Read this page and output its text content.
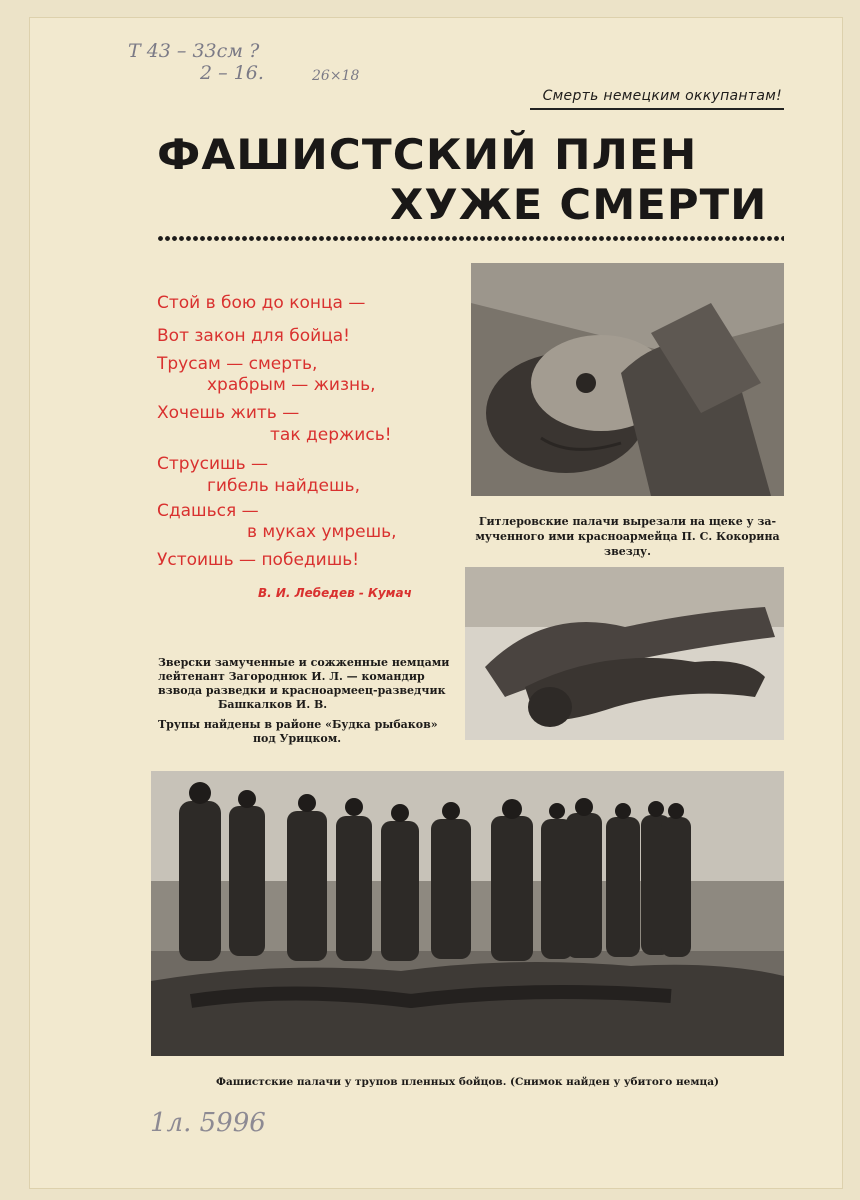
Т 43 – 33см ?
2 – 16.	26×18
Смерть немецким оккупантам!
ФАШИСТСКИЙ ПЛЕН
ХУЖЕ СМЕРТИ
Стой в бою до конца —
Вот закон для бойца!
Трусам — смерть,
храбрым — жизнь,
Хочешь жить —
так держись!
Струсишь —
гибель найдешь,
Сдашься —
в муках умрешь,
Устоишь — победишь!
В. И. Лебедев - Кумач
Гитлеровские палачи вырезали на щеке у за-
мученного ими красноармейца П. С. Кокорина
звезду.
Зверски замученные и сожженные немцами
лейтенант Загороднюк И. Л. — командир
взвода разведки и красноармеец-разведчик
Башкалков И. В.
Трупы найдены в районе «Будка рыбаков»
под Урицком.
Фашистские палачи у трупов пленных бойцов. (Снимок найден у убитого немца)
1л. 5996
